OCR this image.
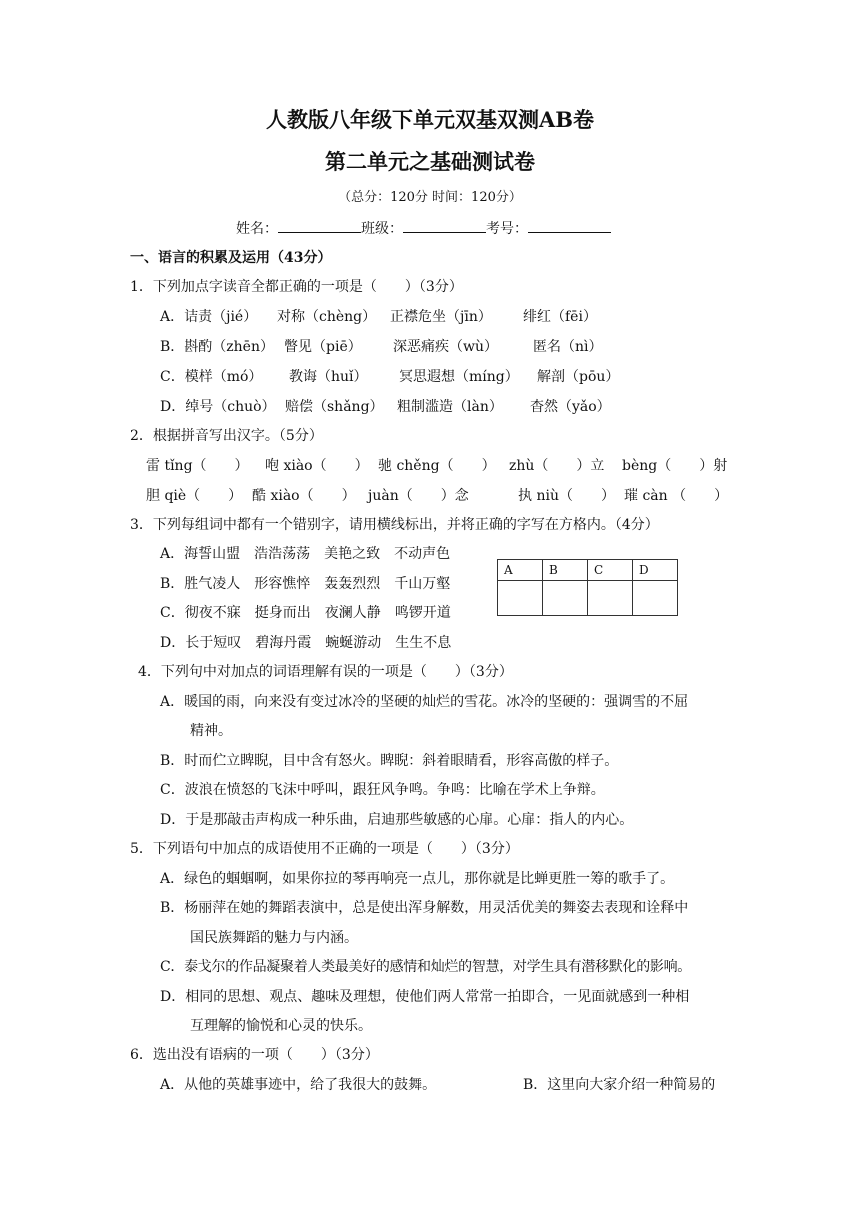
人教版八年级下单元双基双测AB卷
第二单元之基础测试卷
（总分：120分 时间：120分）
姓名：	班级：	考号：
一、语言的积累及运用（43分）
1．下列加点字读音全都正确的一项是（　　）（3分）
A．诘责（jié） 对称（chèng） 正襟危坐（jīn） 绯红（fēi）
B．斟酌（zhēn） 瞥见（piē） 深恶痛疾（wù）	匿名（nì）
C．模样（mó） 教诲（huǐ） 冥思遐想（míng） 解剖（pōu）
D．绰号（chuò） 赔偿（shǎng） 粗制滥造（làn） 杳然（yǎo）
2．根据拼音写出汉字。（5分）
雷 tǐng（　　） 咆 xiào（　　） 驰 chěng（　　） zhù（　　）立 bèng（　　）射
胆 qiè（　　） 酷 xiào（　　） juàn（　　）念	执 niù（　　） 璀 càn （　　）
3．下列每组词中都有一个错别字，请用横线标出，并将正确的字写在方格内。（4分）
A．海誓山盟　浩浩荡荡　美艳之致　不动声色
B．胜气凌人　形容憔悴　轰轰烈烈　千山万壑
C．彻夜不寐　挺身而出　夜澜人静　鸣锣开道
D．长于短叹　碧海丹霞　蜿蜒游动　生生不息
A	B	C	D

4．下列句中对加点的词语理解有误的一项是（　　）（3分）
A．暖国的雨，向来没有变过冰冷的坚硬的灿烂的雪花。冰冷的坚硬的：强调雪的不屈
精神。
B．时而伫立睥睨，目中含有怒火。睥睨：斜着眼睛看，形容高傲的样子。
C．波浪在愤怒的飞沫中呼叫，跟狂风争鸣。争鸣：比喻在学术上争辩。
D．于是那敲击声构成一种乐曲，启迪那些敏感的心扉。心扉：指人的内心。
5．下列语句中加点的成语使用不正确的一项是（　　）（3分）
A．绿色的蝈蝈啊，如果你拉的琴再响亮一点儿，那你就是比蝉更胜一筹的歌手了。
B．杨丽萍在她的舞蹈表演中，总是使出浑身解数，用灵活优美的舞姿去表现和诠释中
国民族舞蹈的魅力与内涵。
C．泰戈尔的作品凝聚着人类最美好的感情和灿烂的智慧，对学生具有潜移默化的影响。
D．相同的思想、观点、趣味及理想，使他们两人常常一拍即合，一见面就感到一种相
互理解的愉悦和心灵的快乐。
6．选出没有语病的一项（　　）（3分）
A．从他的英雄事迹中，给了我很大的鼓舞。	B．这里向大家介绍一种简易的
